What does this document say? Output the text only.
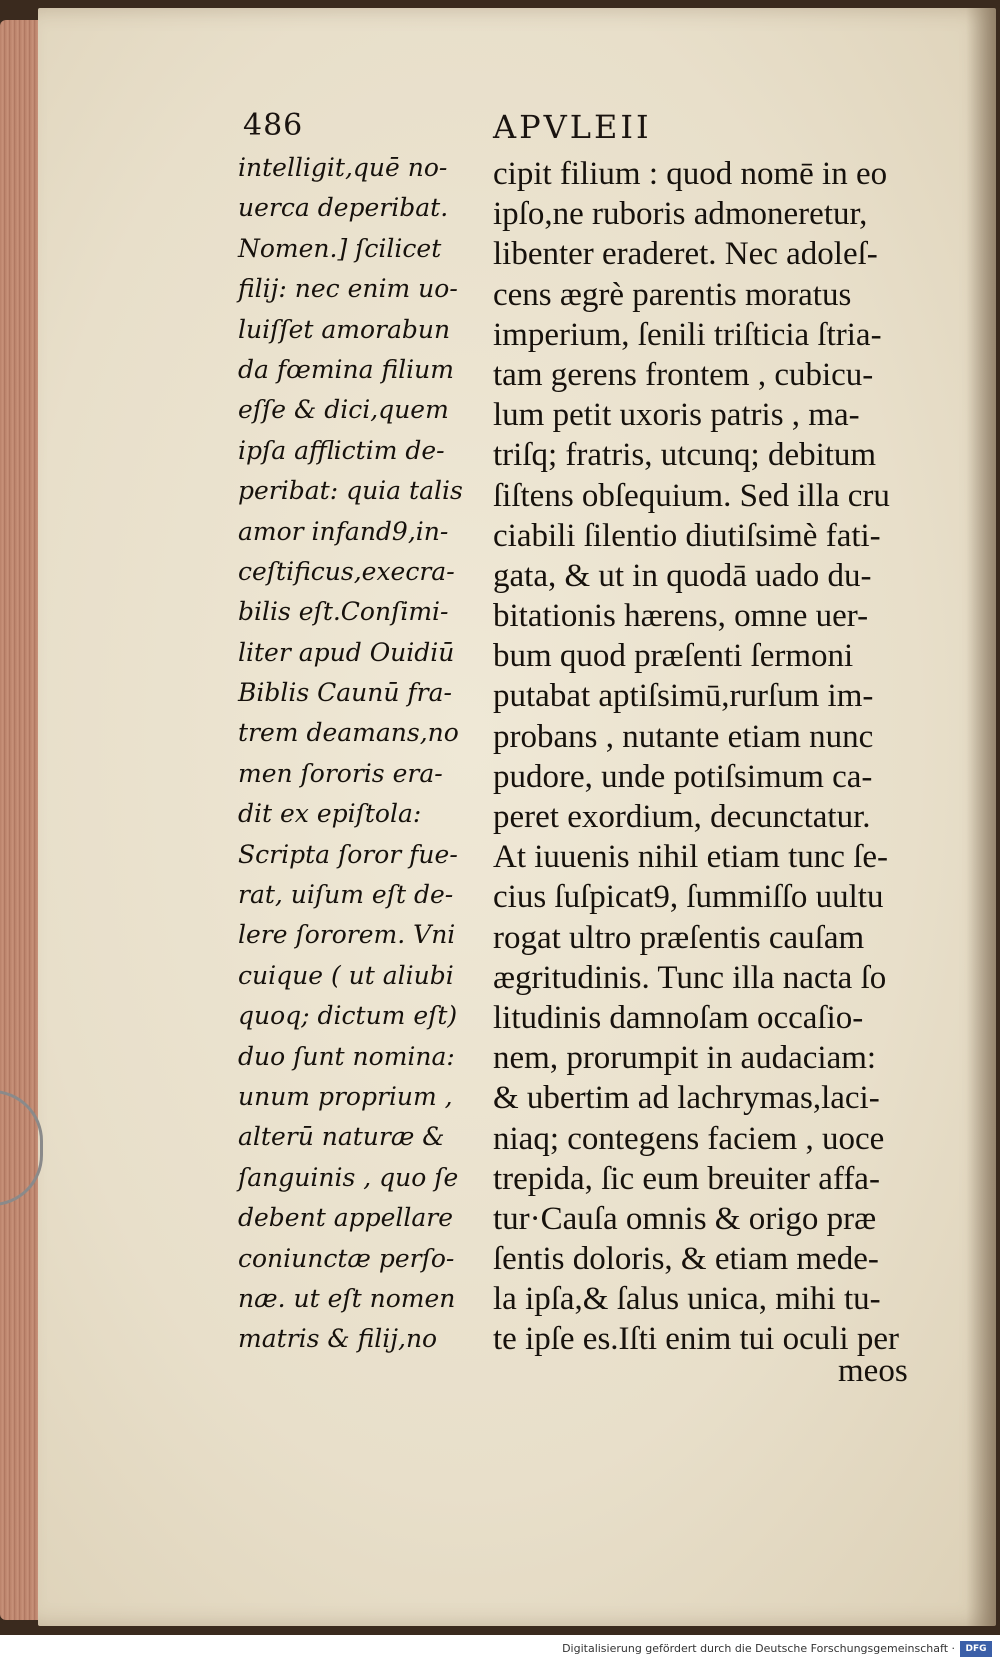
486	APVLEII
intelligit,quē no-
uerca deperibat.
Nomen.] ſcilicet
filij: nec enim uo-
luiſſet amorabun
da fœmina filium
eſſe & dici,quem
ipſa afflictim de-
peribat: quia talis
amor infand9,in-
ceſtificus,execra-
bilis eſt.Conſimi-
liter apud Ouidiū
Biblis Caunū fra-
trem deamans,no
men ſororis era-
dit ex epiſtola:
Scripta ſoror fue-
rat, uiſum eſt de-
lere ſororem. Vni
cuique ( ut aliubi
quoq; dictum eſt)
duo ſunt nomina:
unum proprium ,
alterū naturæ &
ſanguinis , quo ſe
debent appellare
coniunctæ perſo-
næ. ut eſt nomen
matris & filij,no
cipit filium : quod nomē in eo
ipſo,ne ruboris admoneretur,
libenter eraderet. Nec adoleſ-
cens ægrè parentis moratus
imperium, ſenili triſticia ſtria-
tam gerens frontem , cubicu-
lum petit uxoris patris , ma-
triſq; fratris, utcunq; debitum
ſiſtens obſequium. Sed illa cru
ciabili ſilentio diutiſsimè fati-
gata, & ut in quodā uado du-
bitationis hærens, omne uer-
bum quod præſenti ſermoni
putabat aptiſsimū,rurſum im-
probans , nutante etiam nunc
pudore, unde potiſsimum ca-
peret exordium, decunctatur.
At iuuenis nihil etiam tunc ſe-
cius ſuſpicat9, ſummiſſo uultu
rogat ultro præſentis cauſam
ægritudinis. Tunc illa nacta ſo
litudinis damnoſam occaſio-
nem, prorumpit in audaciam:
& ubertim ad lachrymas,laci-
niaq; contegens faciem , uoce
trepida, ſic eum breuiter affa-
tur·Cauſa omnis & origo præ
ſentis doloris, & etiam mede-
la ipſa,& ſalus unica, mihi tu-
te ipſe es.Iſti enim tui oculi per
meos
Digitalisierung gefördert durch die Deutsche Forschungsgemeinschaft ·	DFG
